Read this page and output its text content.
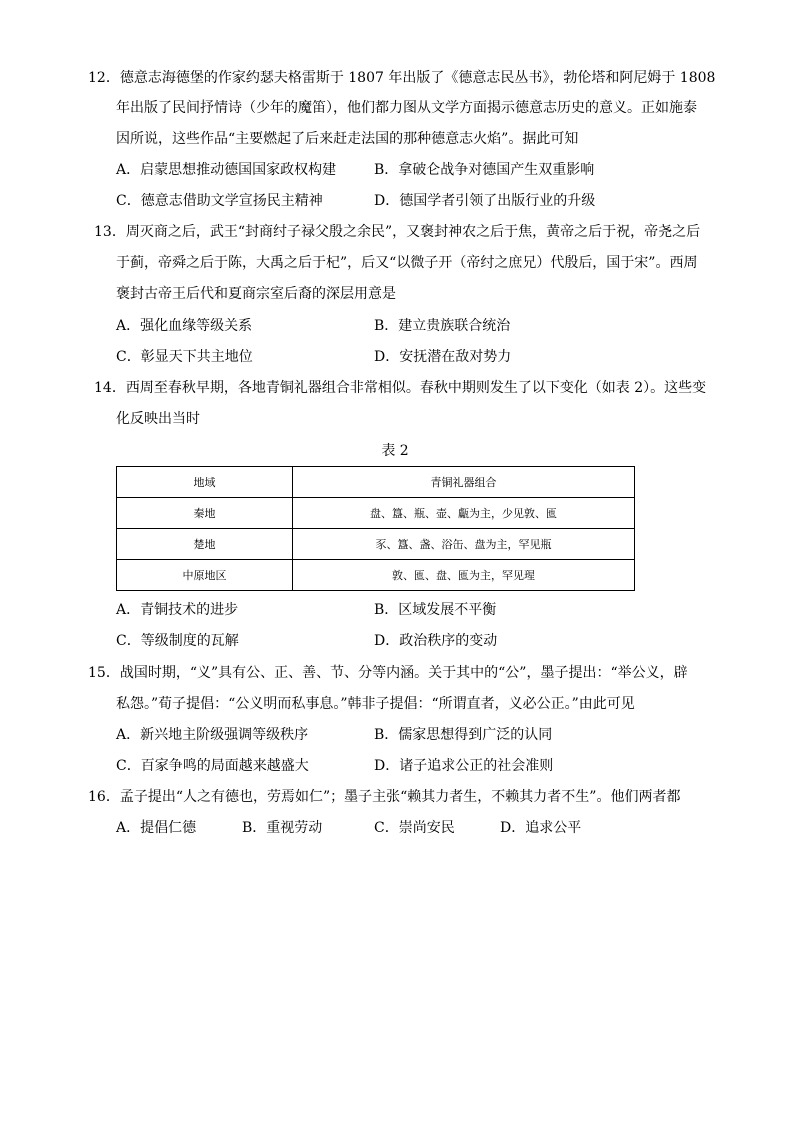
12．德意志海德堡的作家约瑟夫格雷斯于 1807 年出版了《德意志民丛书》，勃伦塔和阿尼姆于 1808
年出版了民间抒情诗（少年的魔笛），他们都力图从文学方面揭示德意志历史的意义。正如施泰
因所说，这些作品“主要燃起了后来赶走法国的那种德意志火焰”。据此可知
A．启蒙思想推动德国国家政权构建	B．拿破仑战争对德国产生双重影响
C．德意志借助文学宣扬民主精神	D．德国学者引领了出版行业的升级
13．周灭商之后，武王“封商纣子禄父殷之余民”，又褒封神农之后于焦，黄帝之后于祝，帝尧之后
于蓟，帝舜之后于陈，大禹之后于杞”，后又“以微子开（帝纣之庶兄）代殷后，国于宋”。西周
褒封古帝王后代和夏商宗室后裔的深层用意是
A．强化血缘等级关系	B．建立贵族联合统治
C．彰显天下共主地位	D．安抚潜在敌对势力
14．西周至春秋早期，各地青铜礼器组合非常相似。春秋中期则发生了以下变化（如表 2）。这些变
化反映出当时
表 2
地域	青铜礼器组合
秦地	盘、簋、瓶、壶、甗为主，少见敦、匜
楚地	豕、簋、盏、浴缶、盘为主，罕见瓶
中原地区	敦、匜、盘、匜为主，罕见瑆
A．青铜技术的进步	B．区域发展不平衡
C．等级制度的瓦解	D．政治秩序的变动
15．战国时期，“义”具有公、正、善、节、分等内涵。关于其中的“公”，墨子提出：“举公义，辟
私怨。”荀子提倡：“公义明而私事息。”韩非子提倡：“所谓直者，义必公正。”由此可见
A．新兴地主阶级强调等级秩序	B．儒家思想得到广泛的认同
C．百家争鸣的局面越来越盛大	D．诸子追求公正的社会准则
16．孟子提出“人之有德也，劳焉如仁”；墨子主张“赖其力者生，不赖其力者不生”。他们两者都
A．提倡仁德	B．重视劳动	C．崇尚安民	D．追求公平
